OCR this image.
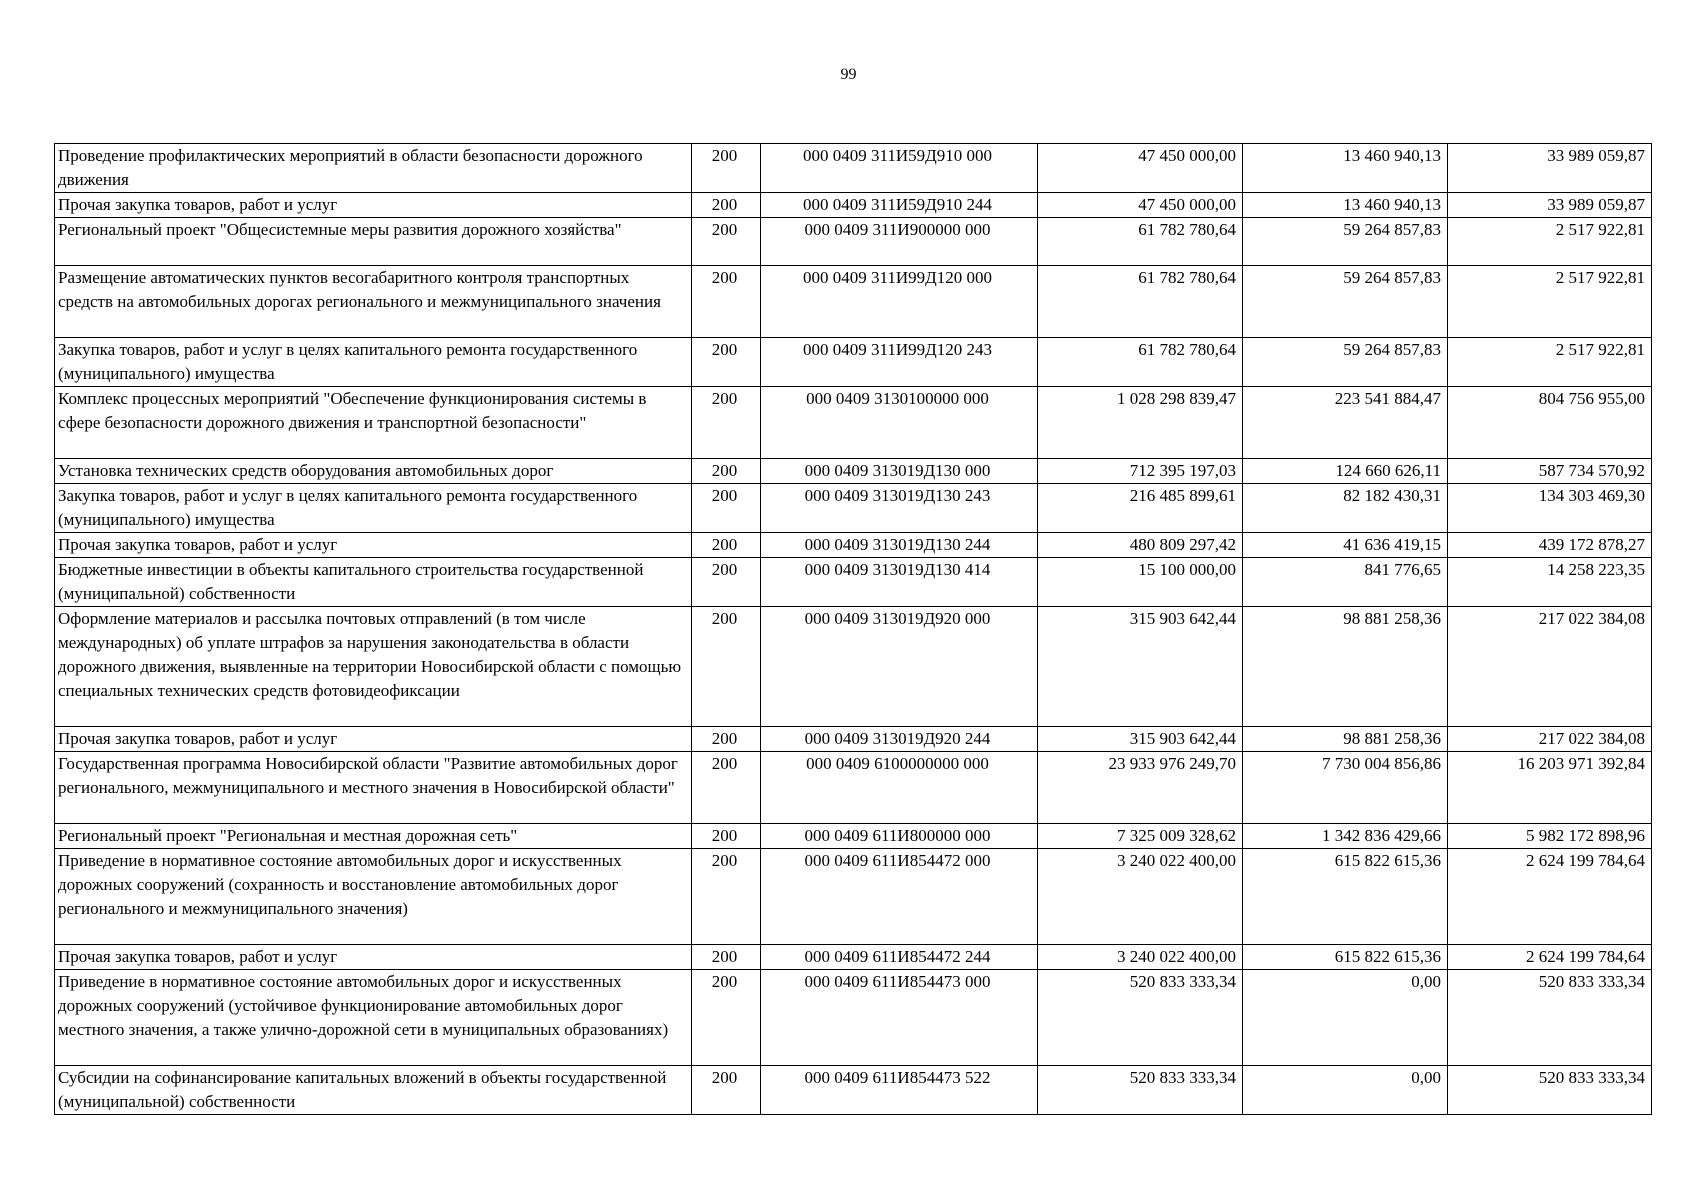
99
Проведение профилактических мероприятий в области безопасности дорожного движения	200	000 0409 311И59Д910 000	47 450 000,00	13 460 940,13	33 989 059,87
Прочая закупка товаров, работ и услуг	200	000 0409 311И59Д910 244	47 450 000,00	13 460 940,13	33 989 059,87
Региональный проект "Общесистемные меры развития дорожного хозяйства"	200	000 0409 311И900000 000	61 782 780,64	59 264 857,83	2 517 922,81
Размещение автоматических пунктов весогабаритного контроля транспортных средств на автомобильных дорогах регионального и межмуниципального значения	200	000 0409 311И99Д120 000	61 782 780,64	59 264 857,83	2 517 922,81
Закупка товаров, работ и услуг в целях капитального ремонта государственного (муниципального) имущества	200	000 0409 311И99Д120 243	61 782 780,64	59 264 857,83	2 517 922,81
Комплекс процессных мероприятий "Обеспечение функционирования системы в сфере безопасности дорожного движения и транспортной безопасности"	200	000 0409 3130100000 000	1 028 298 839,47	223 541 884,47	804 756 955,00
Установка технических средств оборудования автомобильных дорог	200	000 0409 313019Д130 000	712 395 197,03	124 660 626,11	587 734 570,92
Закупка товаров, работ и услуг в целях капитального ремонта государственного (муниципального) имущества	200	000 0409 313019Д130 243	216 485 899,61	82 182 430,31	134 303 469,30
Прочая закупка товаров, работ и услуг	200	000 0409 313019Д130 244	480 809 297,42	41 636 419,15	439 172 878,27
Бюджетные инвестиции в объекты капитального строительства государственной (муниципальной) собственности	200	000 0409 313019Д130 414	15 100 000,00	841 776,65	14 258 223,35
Оформление материалов и рассылка почтовых отправлений (в том числе международных) об уплате штрафов за нарушения законодательства в области дорожного движения, выявленные на территории Новосибирской области с помощью специальных технических средств фотовидеофиксации	200	000 0409 313019Д920 000	315 903 642,44	98 881 258,36	217 022 384,08
Прочая закупка товаров, работ и услуг	200	000 0409 313019Д920 244	315 903 642,44	98 881 258,36	217 022 384,08
Государственная программа Новосибирской области "Развитие автомобильных дорог регионального, межмуниципального и местного значения в Новосибирской области"	200	000 0409 6100000000 000	23 933 976 249,70	7 730 004 856,86	16 203 971 392,84
Региональный проект "Региональная и местная дорожная сеть"	200	000 0409 611И800000 000	7 325 009 328,62	1 342 836 429,66	5 982 172 898,96
Приведение в нормативное состояние автомобильных дорог и искусственных дорожных сооружений (сохранность и восстановление автомобильных дорог регионального и межмуниципального значения)	200	000 0409 611И854472 000	3 240 022 400,00	615 822 615,36	2 624 199 784,64
Прочая закупка товаров, работ и услуг	200	000 0409 611И854472 244	3 240 022 400,00	615 822 615,36	2 624 199 784,64
Приведение в нормативное состояние автомобильных дорог и искусственных дорожных сооружений (устойчивое функционирование автомобильных дорог местного значения, а также улично-дорожной сети в муниципальных образованиях)	200	000 0409 611И854473 000	520 833 333,34	0,00	520 833 333,34
Субсидии на софинансирование капитальных вложений в объекты государственной (муниципальной) собственности	200	000 0409 611И854473 522	520 833 333,34	0,00	520 833 333,34
